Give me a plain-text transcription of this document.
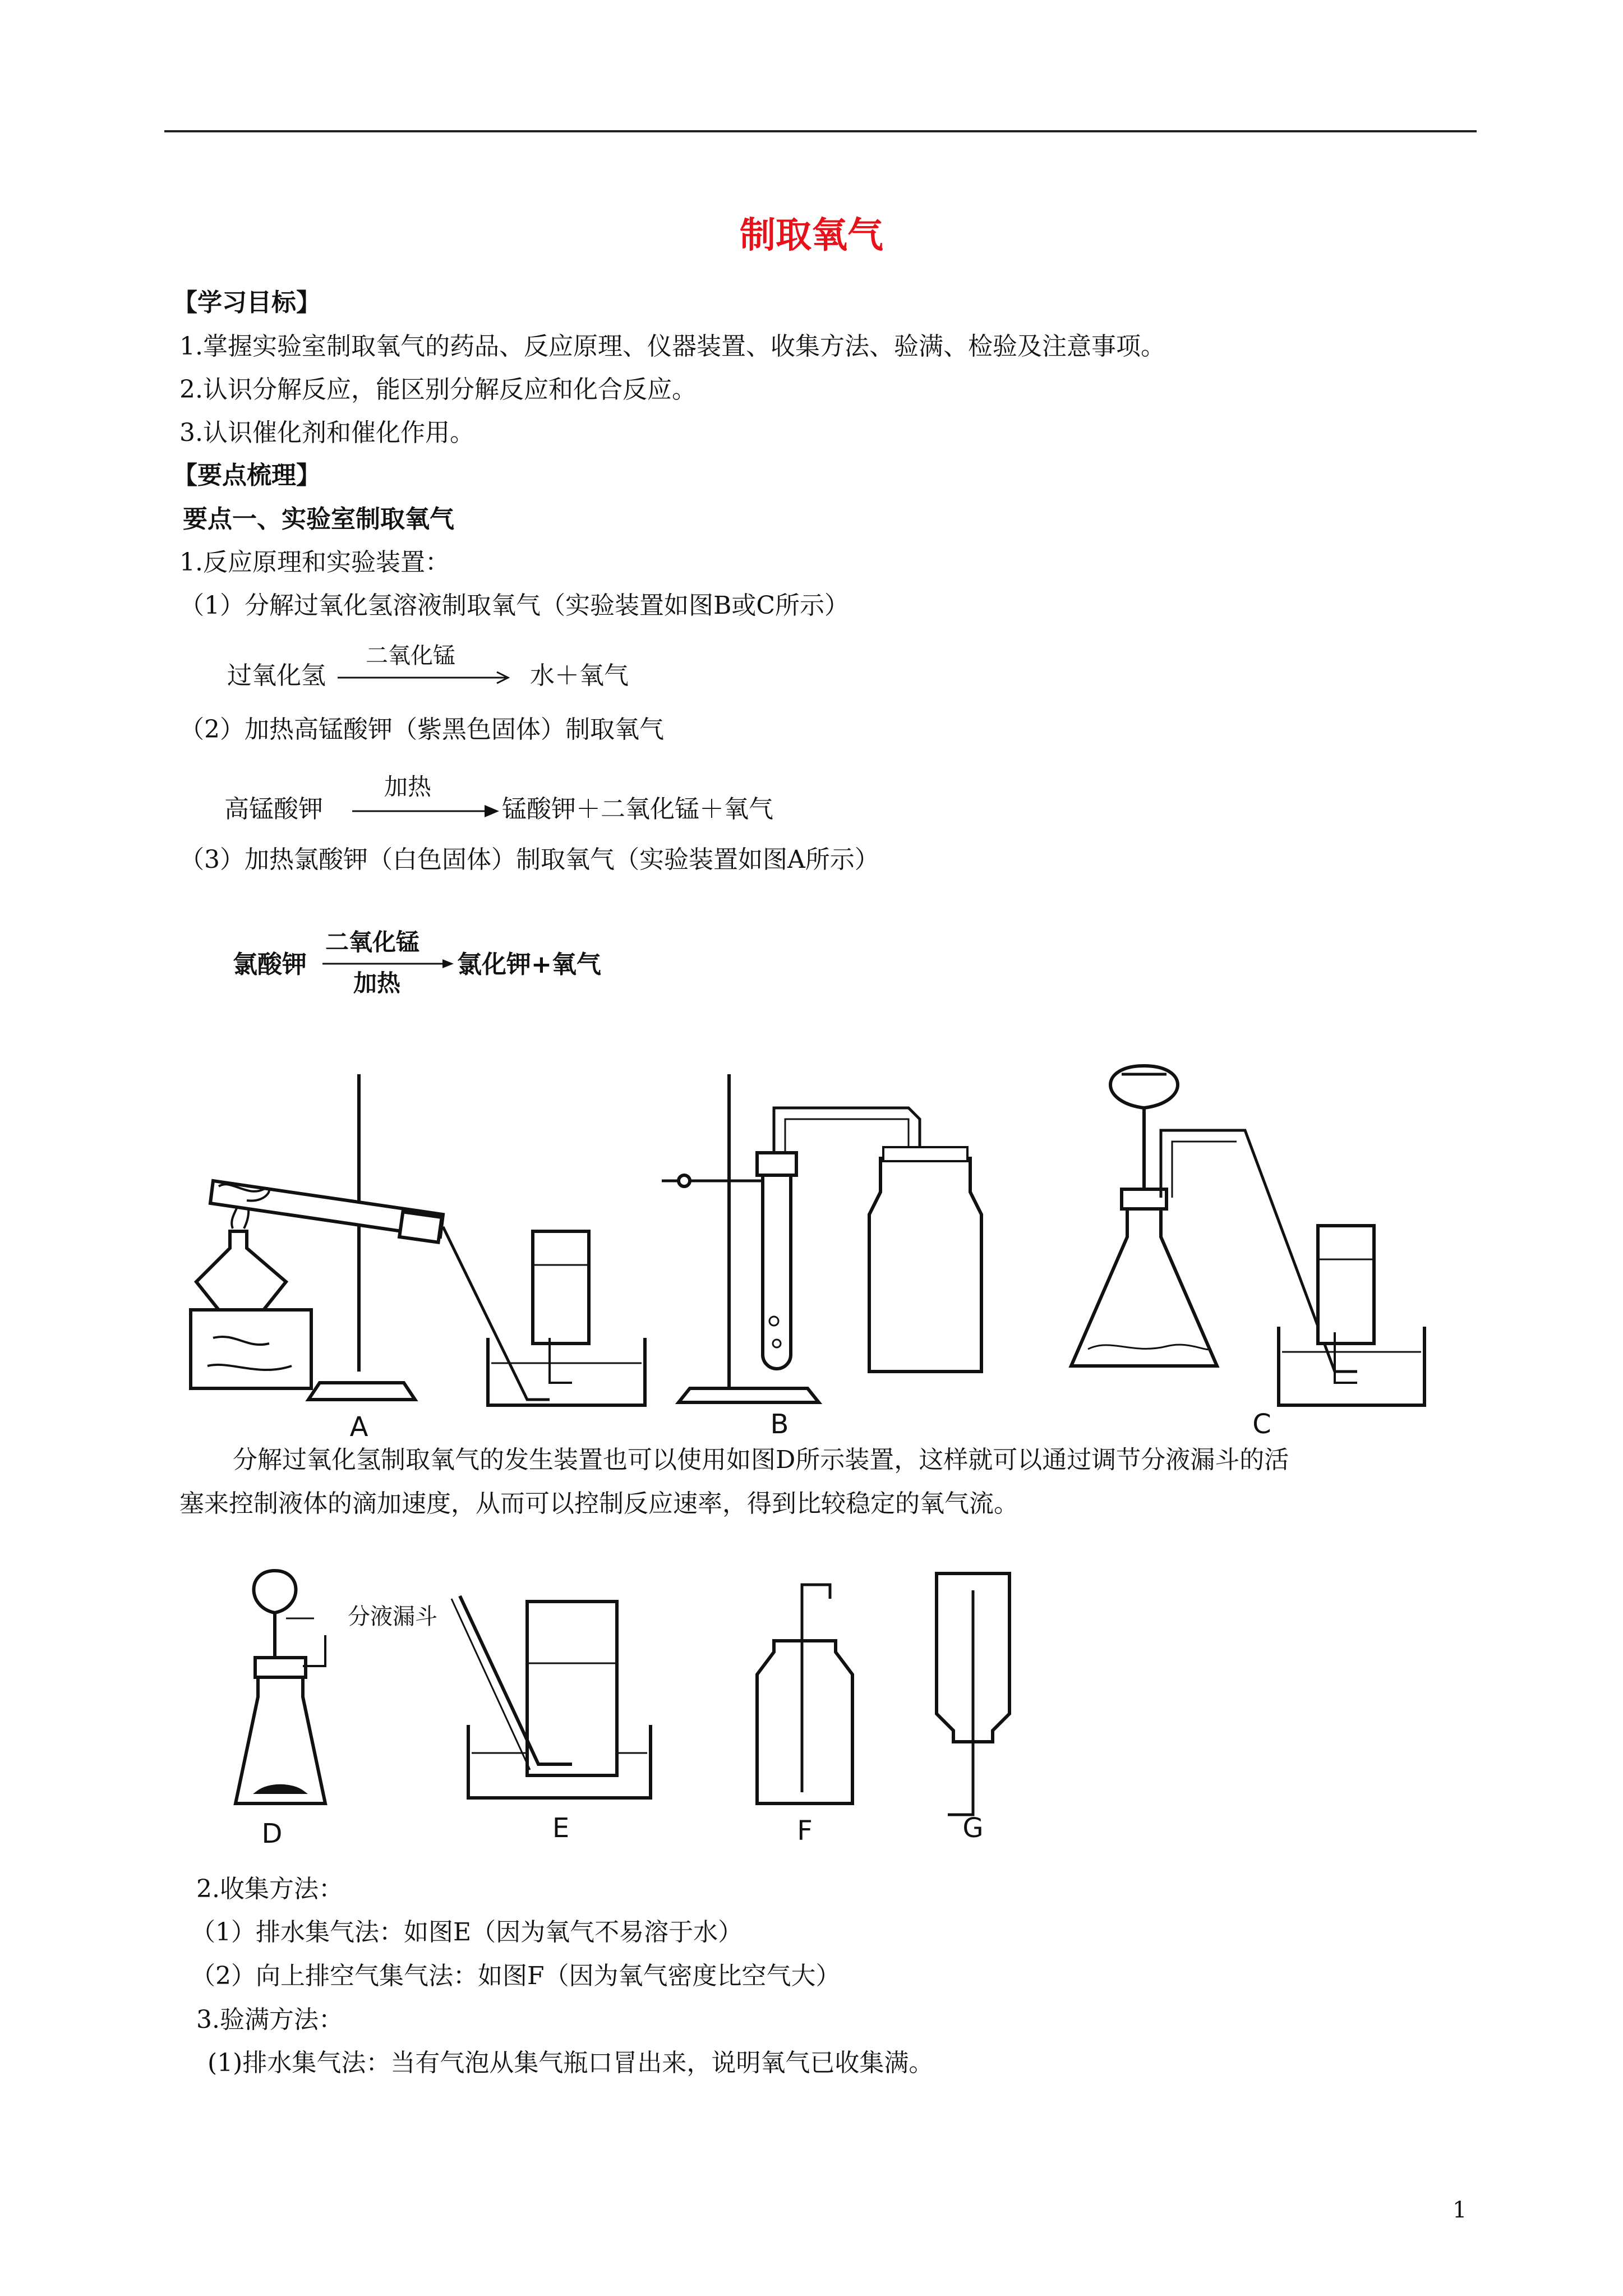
制取氧气
【学习目标】
1.掌握实验室制取氧气的药品、反应原理、仪器装置、收集方法、验满、检验及注意事项。
2.认识分解反应，能区别分解反应和化合反应。
3.认识催化剂和催化作用。
【要点梳理】
要点一、实验室制取氧气
1.反应原理和实验装置：
（1）分解过氧化氢溶液制取氧气（实验装置如图B或C所示）
过氧化氢
二氧化锰
水＋氧气
（2）加热高锰酸钾（紫黑色固体）制取氧气
高锰酸钾
加热
锰酸钾＋二氧化锰＋氧气
（3）加热氯酸钾（白色固体）制取氧气（实验装置如图A所示）
氯酸钾
二氧化锰
加热
氯化钾+氧气
A	B	C
分解过氧化氢制取氧气的发生装置也可以使用如图D所示装置，这样就可以通过调节分液漏斗的活
塞来控制液体的滴加速度，从而可以控制反应速率，得到比较稳定的氧气流。
分液漏斗
D	E	F	G
2.收集方法：
（1）排水集气法：如图E（因为氧气不易溶于水）
（2）向上排空气集气法：如图F（因为氧气密度比空气大）
3.验满方法：
(1)排水集气法：当有气泡从集气瓶口冒出来，说明氧气已收集满。
1
